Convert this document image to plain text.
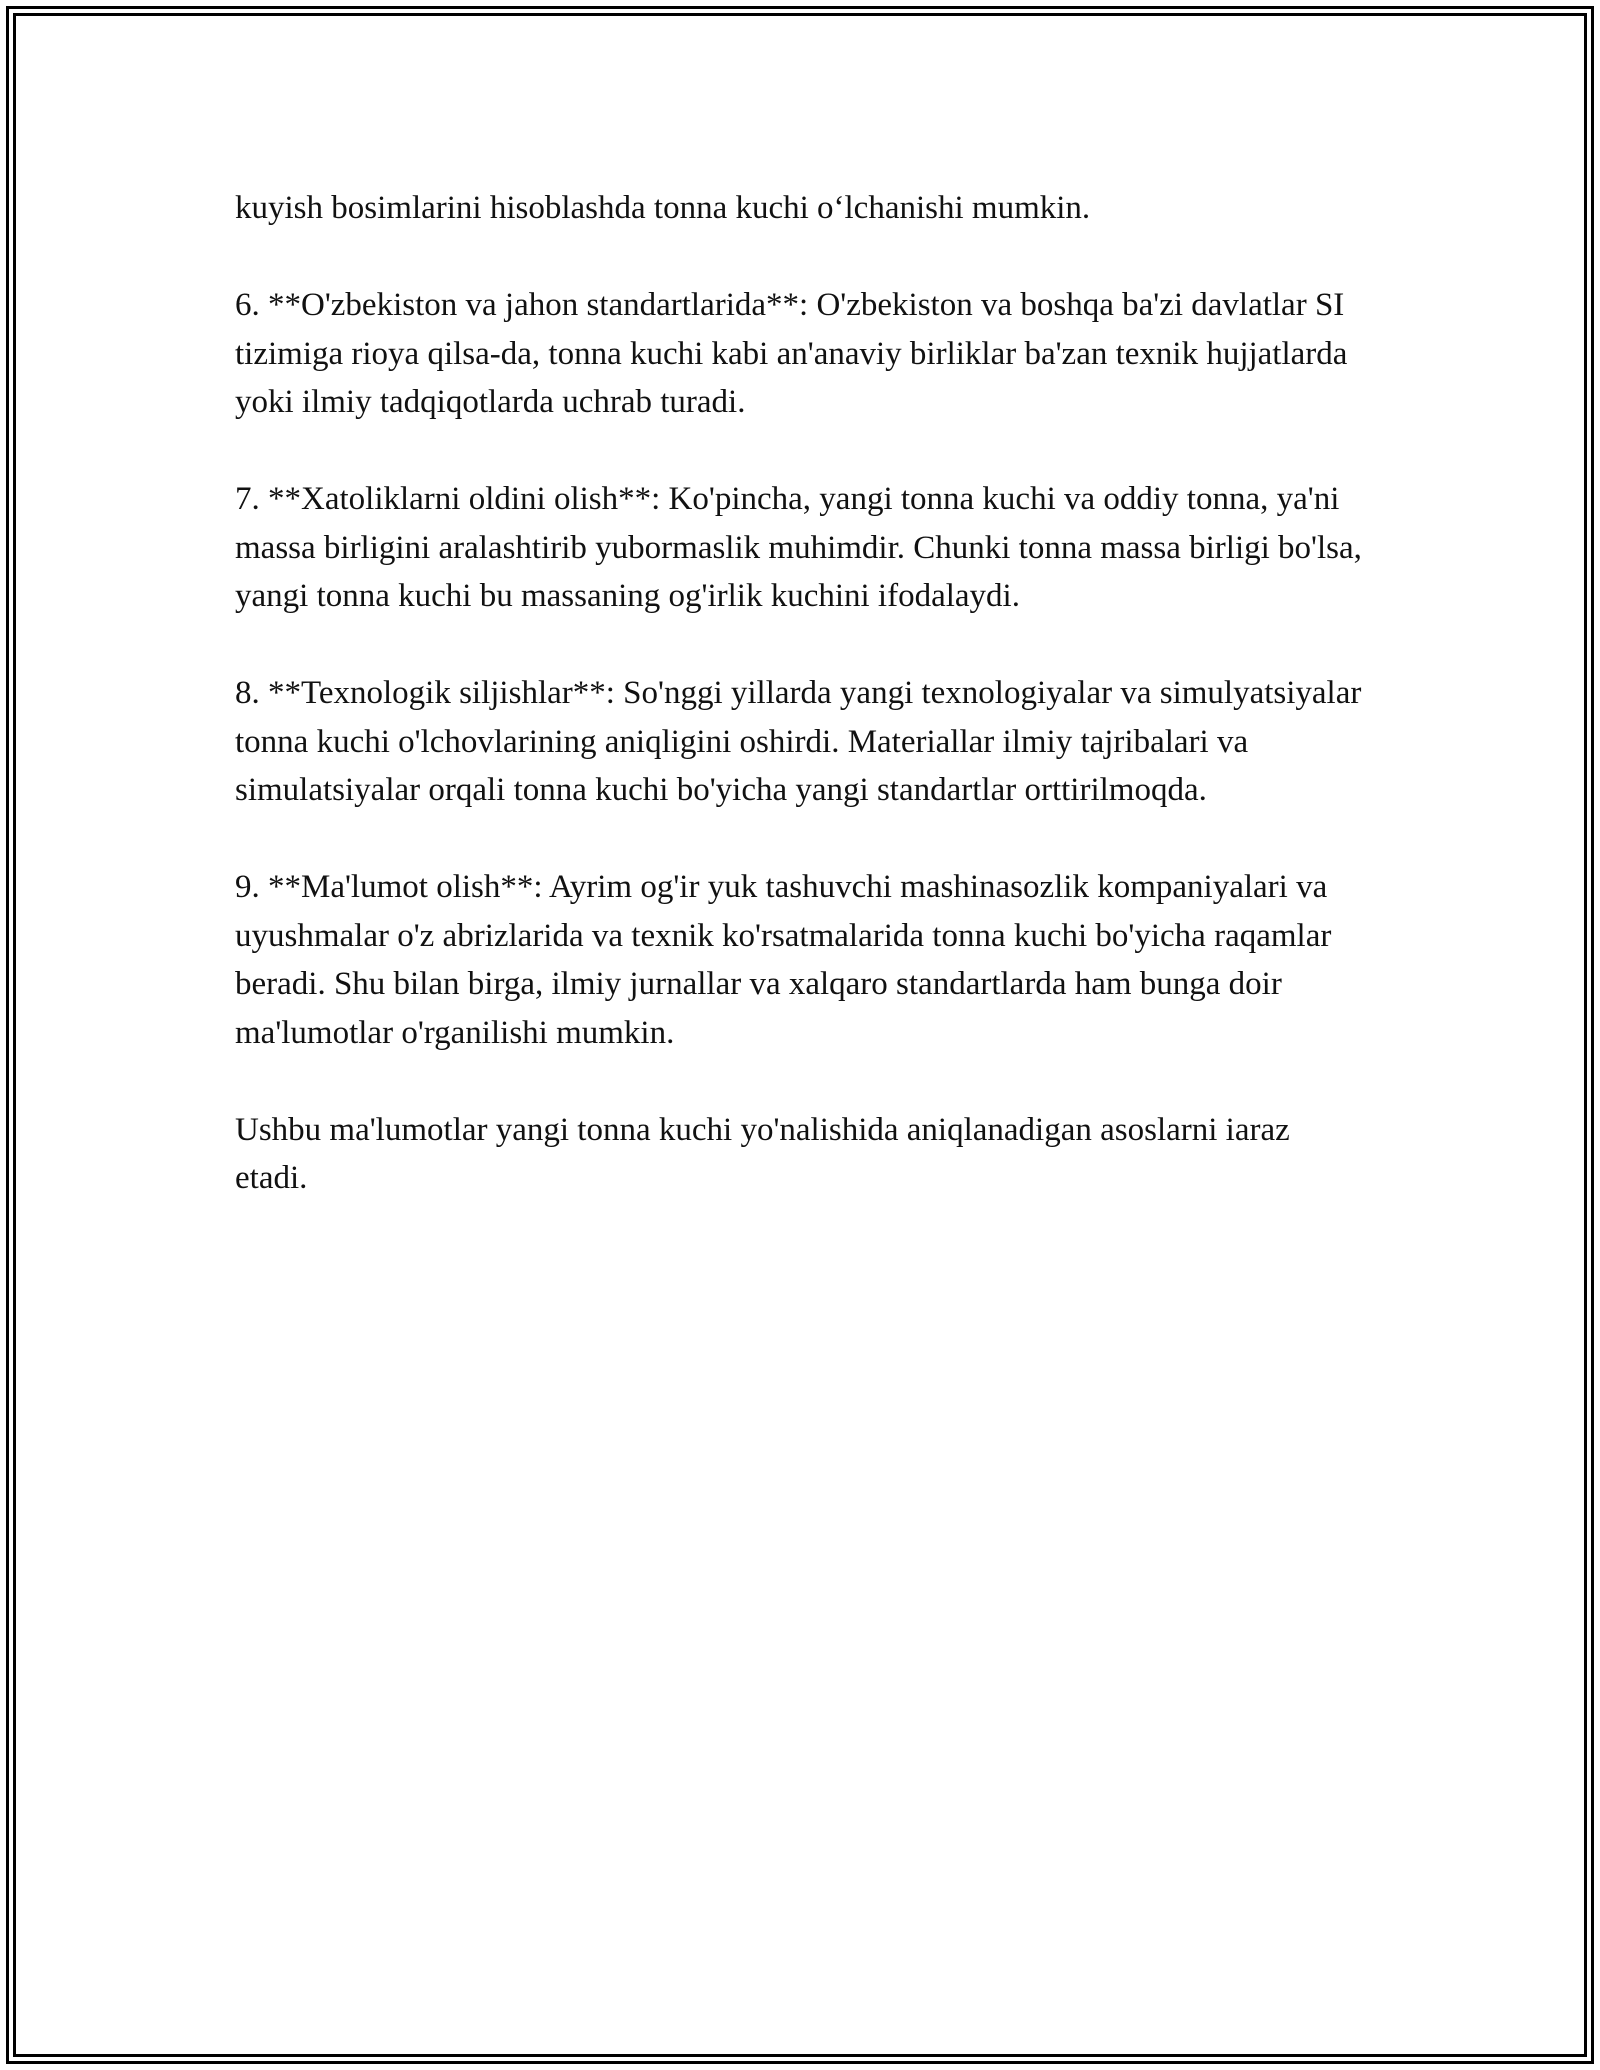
kuyish bosimlarini hisoblashda tonna kuchi o‘lchanishi mumkin.

6. **O'zbekiston va jahon standartlarida**: O'zbekiston va boshqa ba'zi davlatlar SI tizimiga rioya qilsa-da, tonna kuchi kabi an'anaviy birliklar ba'zan texnik hujjatlarda yoki ilmiy tadqiqotlarda uchrab turadi.

7. **Xatoliklarni oldini olish**: Ko'pincha, yangi tonna kuchi va oddiy tonna, ya'ni massa birligini aralashtirib yubormaslik muhimdir. Chunki tonna massa birligi bo'lsa, yangi tonna kuchi bu massaning og'irlik kuchini ifodalaydi.

8. **Texnologik siljishlar**: So'nggi yillarda yangi texnologiyalar va simulyatsiyalar tonna kuchi o'lchovlarining aniqligini oshirdi. Materiallar ilmiy tajribalari va simulatsiyalar orqali tonna kuchi bo'yicha yangi standartlar orttirilmoqda.

9. **Ma'lumot olish**: Ayrim og'ir yuk tashuvchi mashinasozlik kompaniyalari va uyushmalar o'z abrizlarida va texnik ko'rsatmalarida tonna kuchi bo'yicha raqamlar beradi. Shu bilan birga, ilmiy jurnallar va xalqaro standartlarda ham bunga doir ma'lumotlar o'rganilishi mumkin.

Ushbu ma'lumotlar yangi tonna kuchi yo'nalishida aniqlanadigan asoslarni iaraz etadi.
